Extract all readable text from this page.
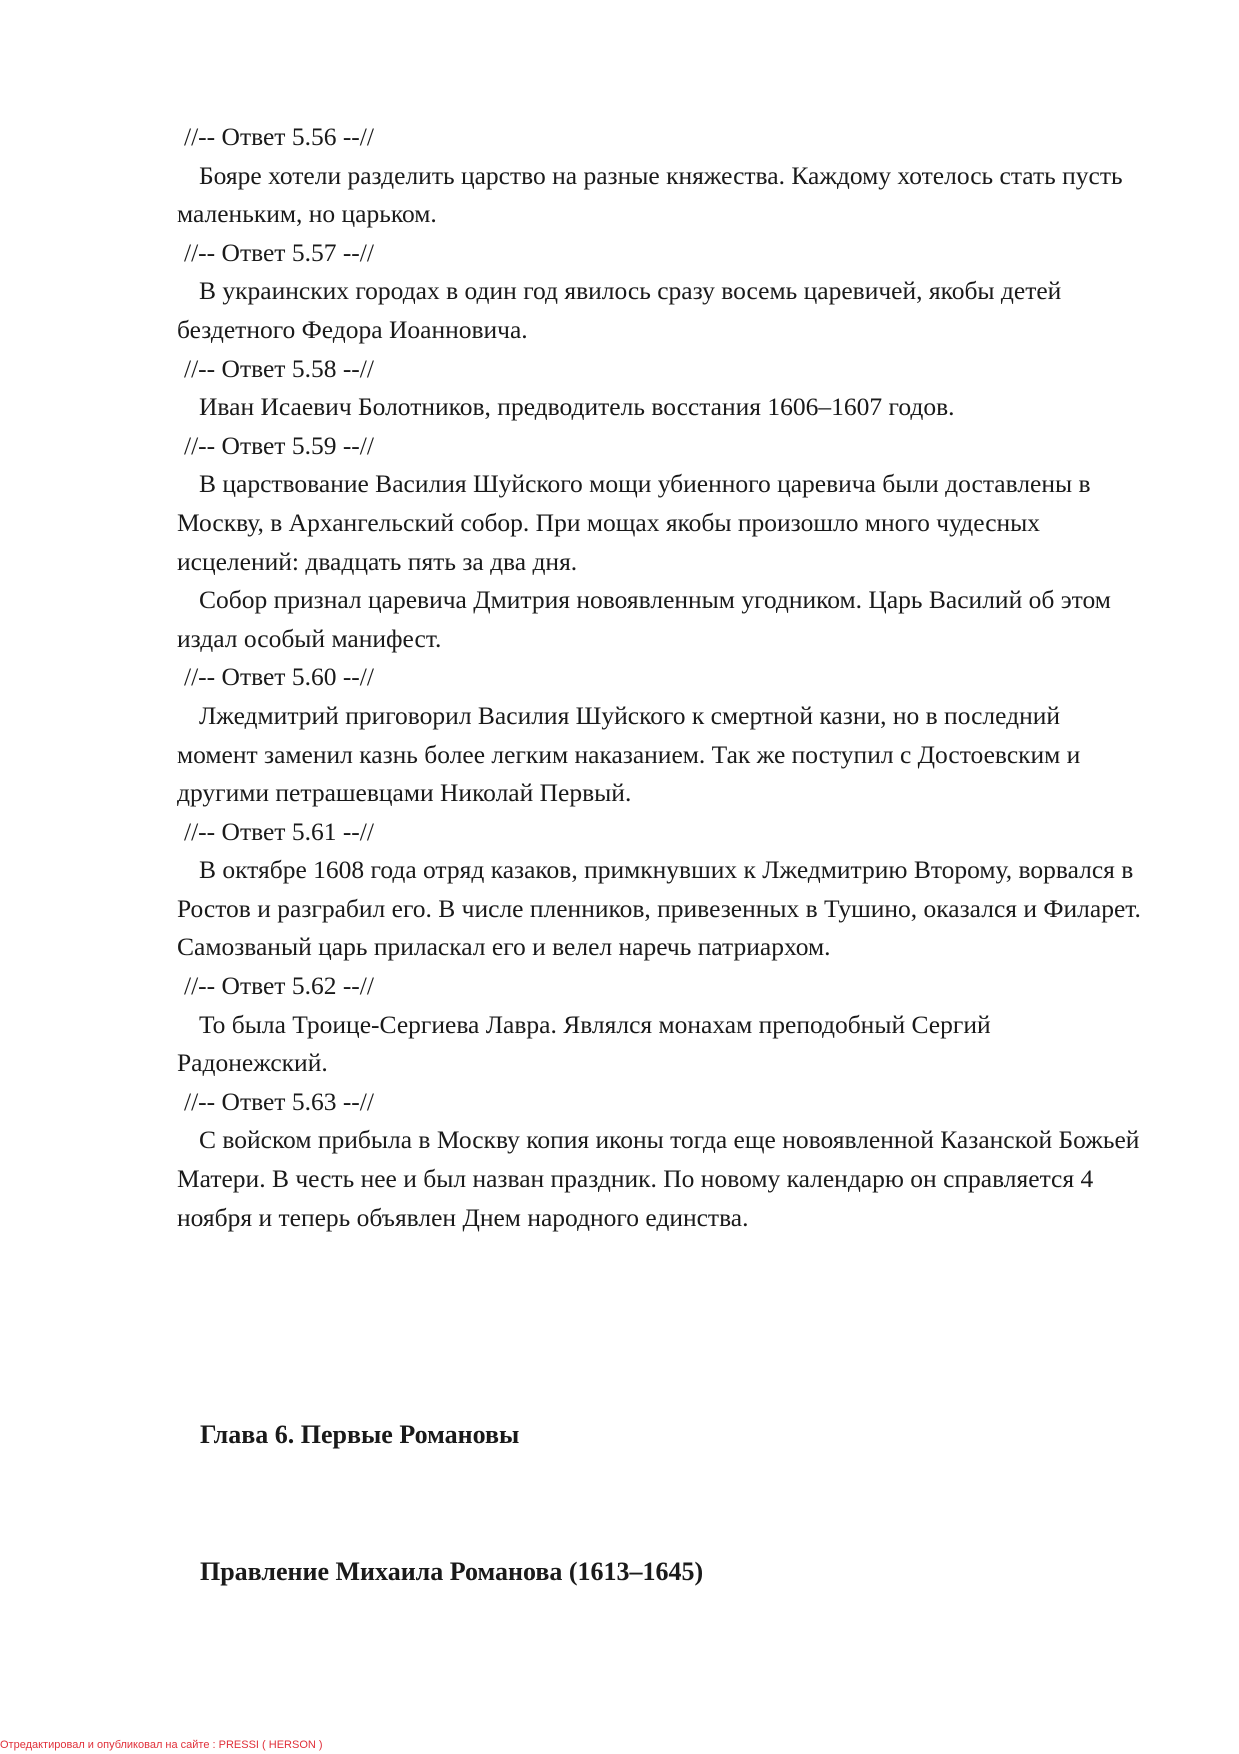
//-- Ответ 5.56 --//
Бояре хотели разделить царство на разные княжества. Каждому хотелось стать пусть маленьким, но царьком.
//-- Ответ 5.57 --//
В украинских городах в один год явилось сразу восемь царевичей, якобы детей бездетного Федора Иоанновича.
//-- Ответ 5.58 --//
Иван Исаевич Болотников, предводитель восстания 1606–1607 годов.
//-- Ответ 5.59 --//
В царствование Василия Шуйского мощи убиенного царевича были доставлены в Москву, в Архангельский собор. При мощах якобы произошло много чудесных исцелений: двадцать пять за два дня.
Собор признал царевича Дмитрия новоявленным угодником. Царь Василий об этом издал особый манифест.
//-- Ответ 5.60 --//
Лжедмитрий приговорил Василия Шуйского к смертной казни, но в последний момент заменил казнь более легким наказанием. Так же поступил с Достоевским и другими петрашевцами Николай Первый.
//-- Ответ 5.61 --//
В октябре 1608 года отряд казаков, примкнувших к Лжедмитрию Второму, ворвался в Ростов и разграбил его. В числе пленников, привезенных в Тушино, оказался и Филарет. Самозваный царь приласкал его и велел наречь патриархом.
//-- Ответ 5.62 --//
То была Троице-Сергиева Лавра. Являлся монахам преподобный Сергий Радонежский.
//-- Ответ 5.63 --//
С войском прибыла в Москву копия иконы тогда еще новоявленной Казанской Божьей Матери. В честь нее и был назван праздник. По новому календарю он справляется 4 ноября и теперь объявлен Днем народного единства.
Глава 6. Первые Романовы
Правление Михаила Романова (1613–1645)
Отредактировал и опубликовал на сайте : PRESSI ( HERSON )
